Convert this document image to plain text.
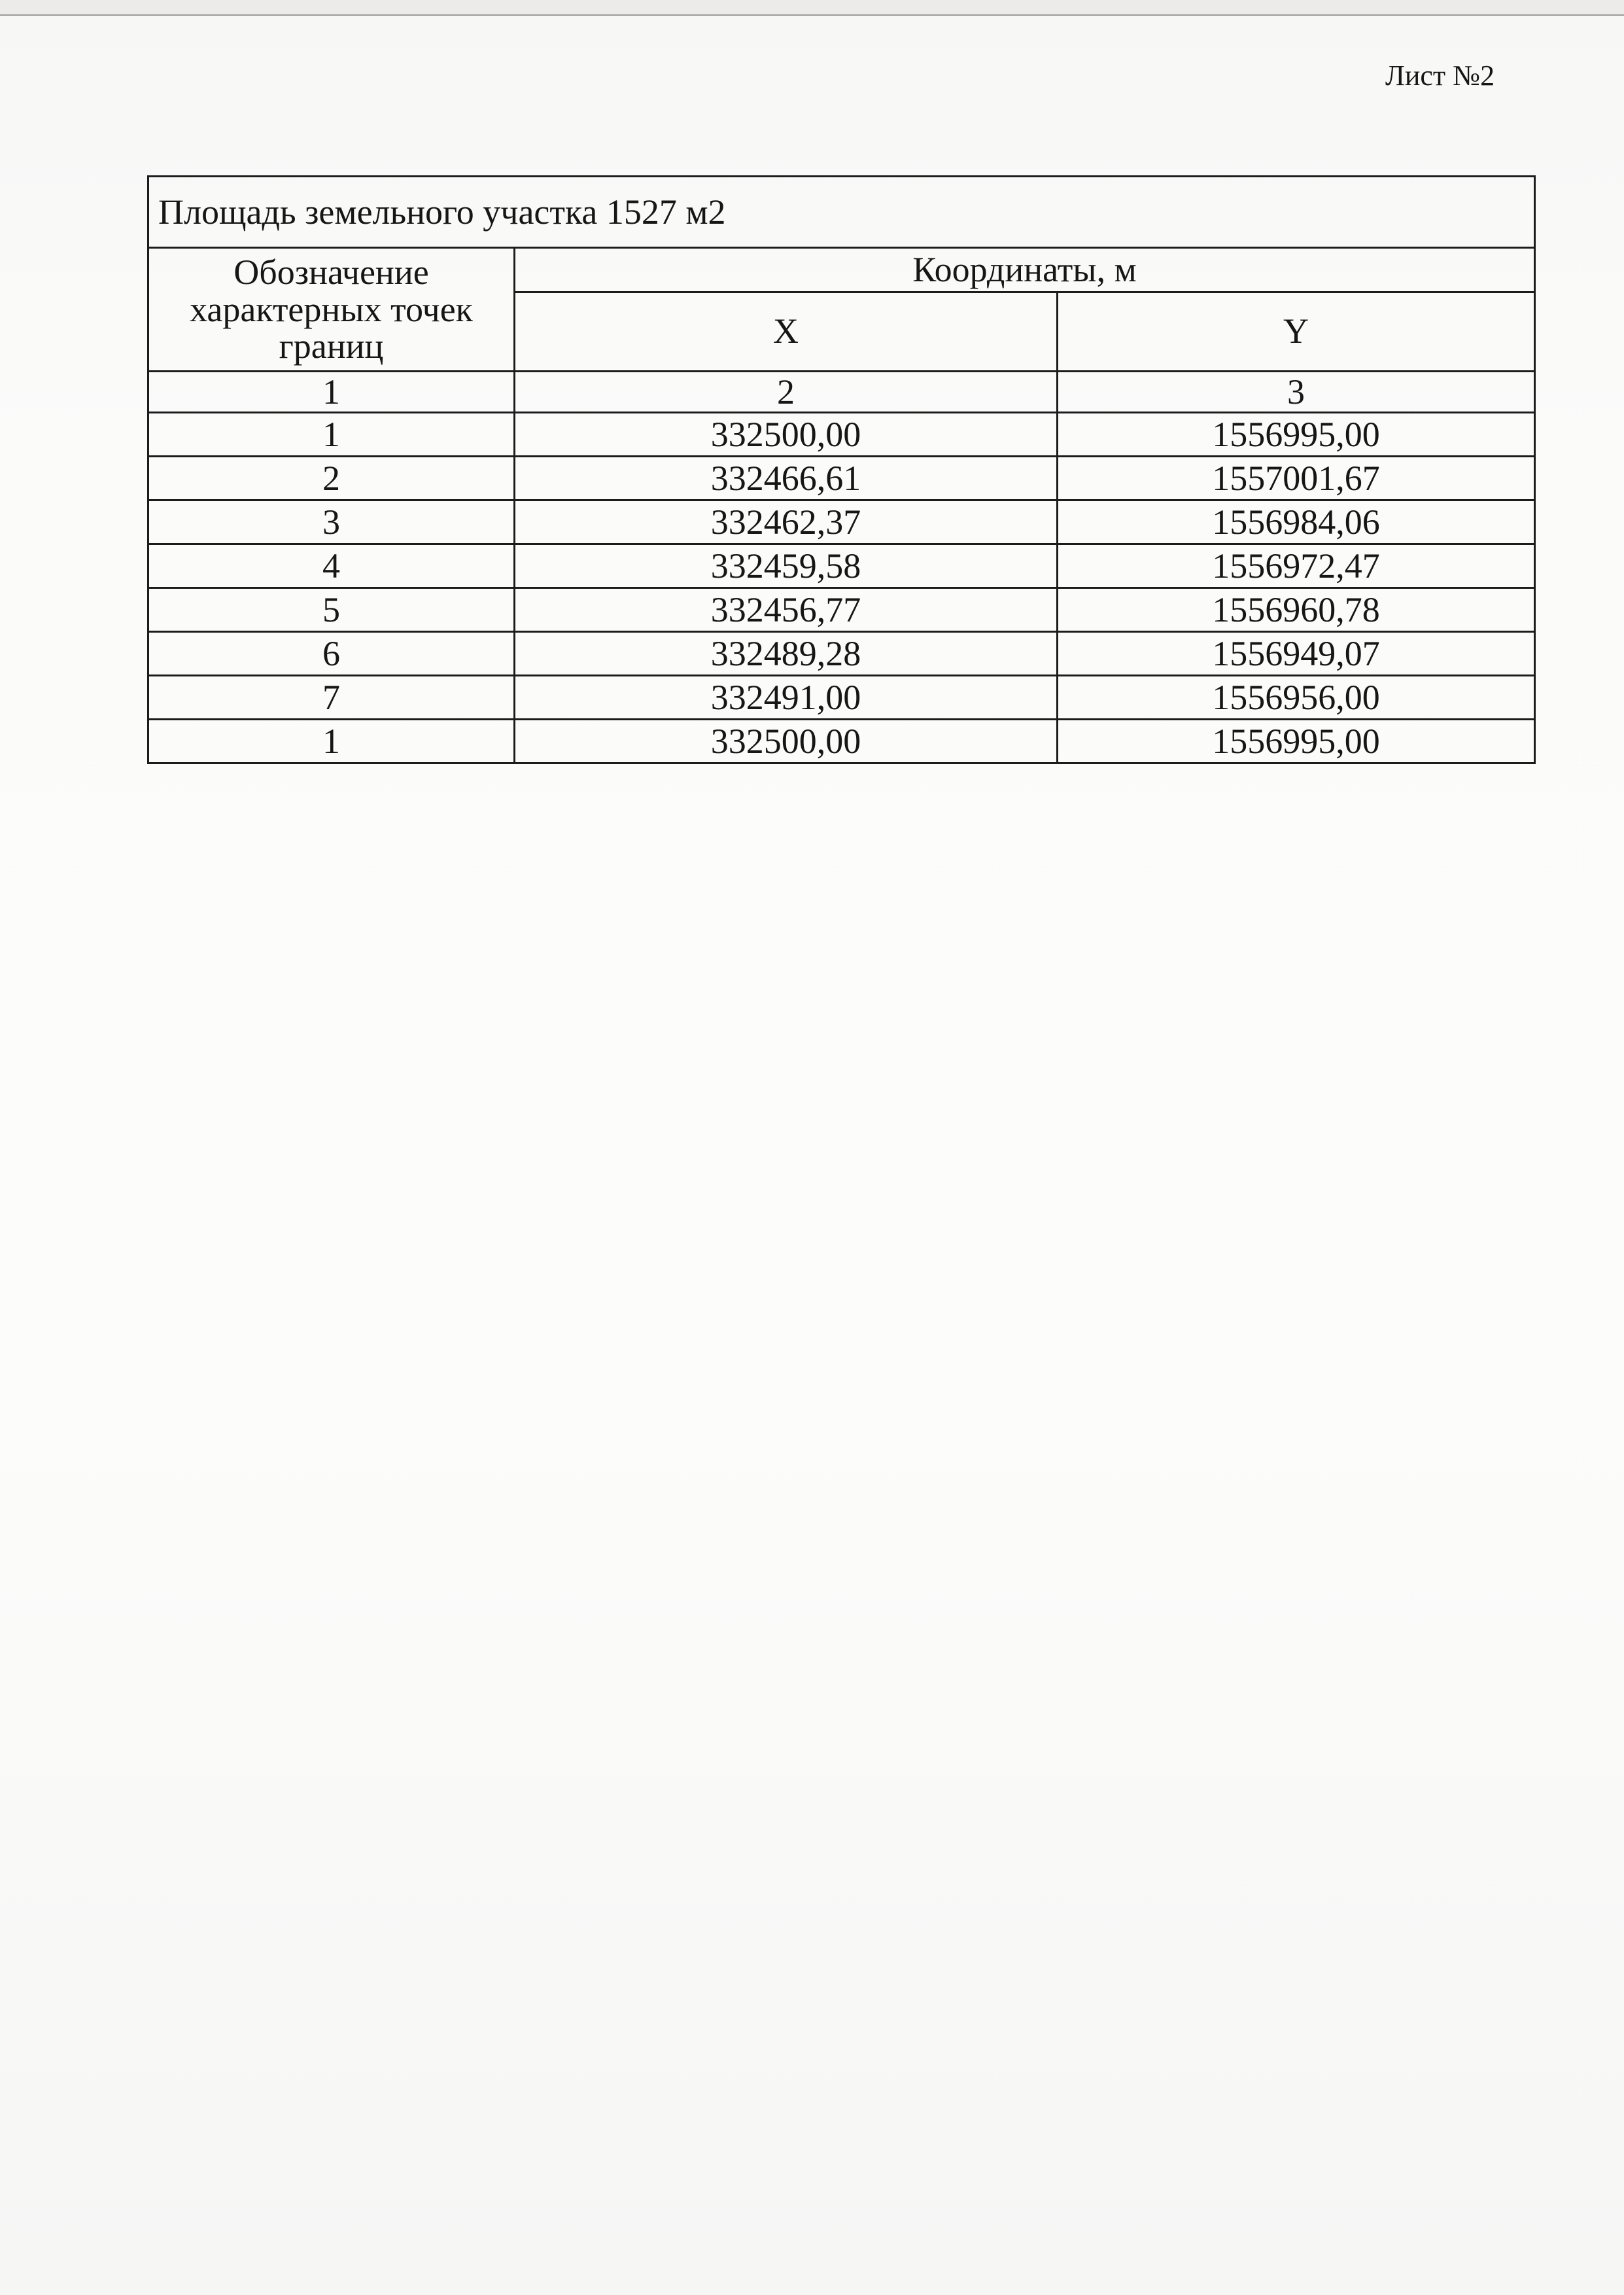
Лист №2
Площадь земельного участка 1527 м2		
Обозначение характерных точек границ	Координаты, м	
	X	Y
1	2	3
1	332500,00	1556995,00
2	332466,61	1557001,67
3	332462,37	1556984,06
4	332459,58	1556972,47
5	332456,77	1556960,78
6	332489,28	1556949,07
7	332491,00	1556956,00
1	332500,00	1556995,00
